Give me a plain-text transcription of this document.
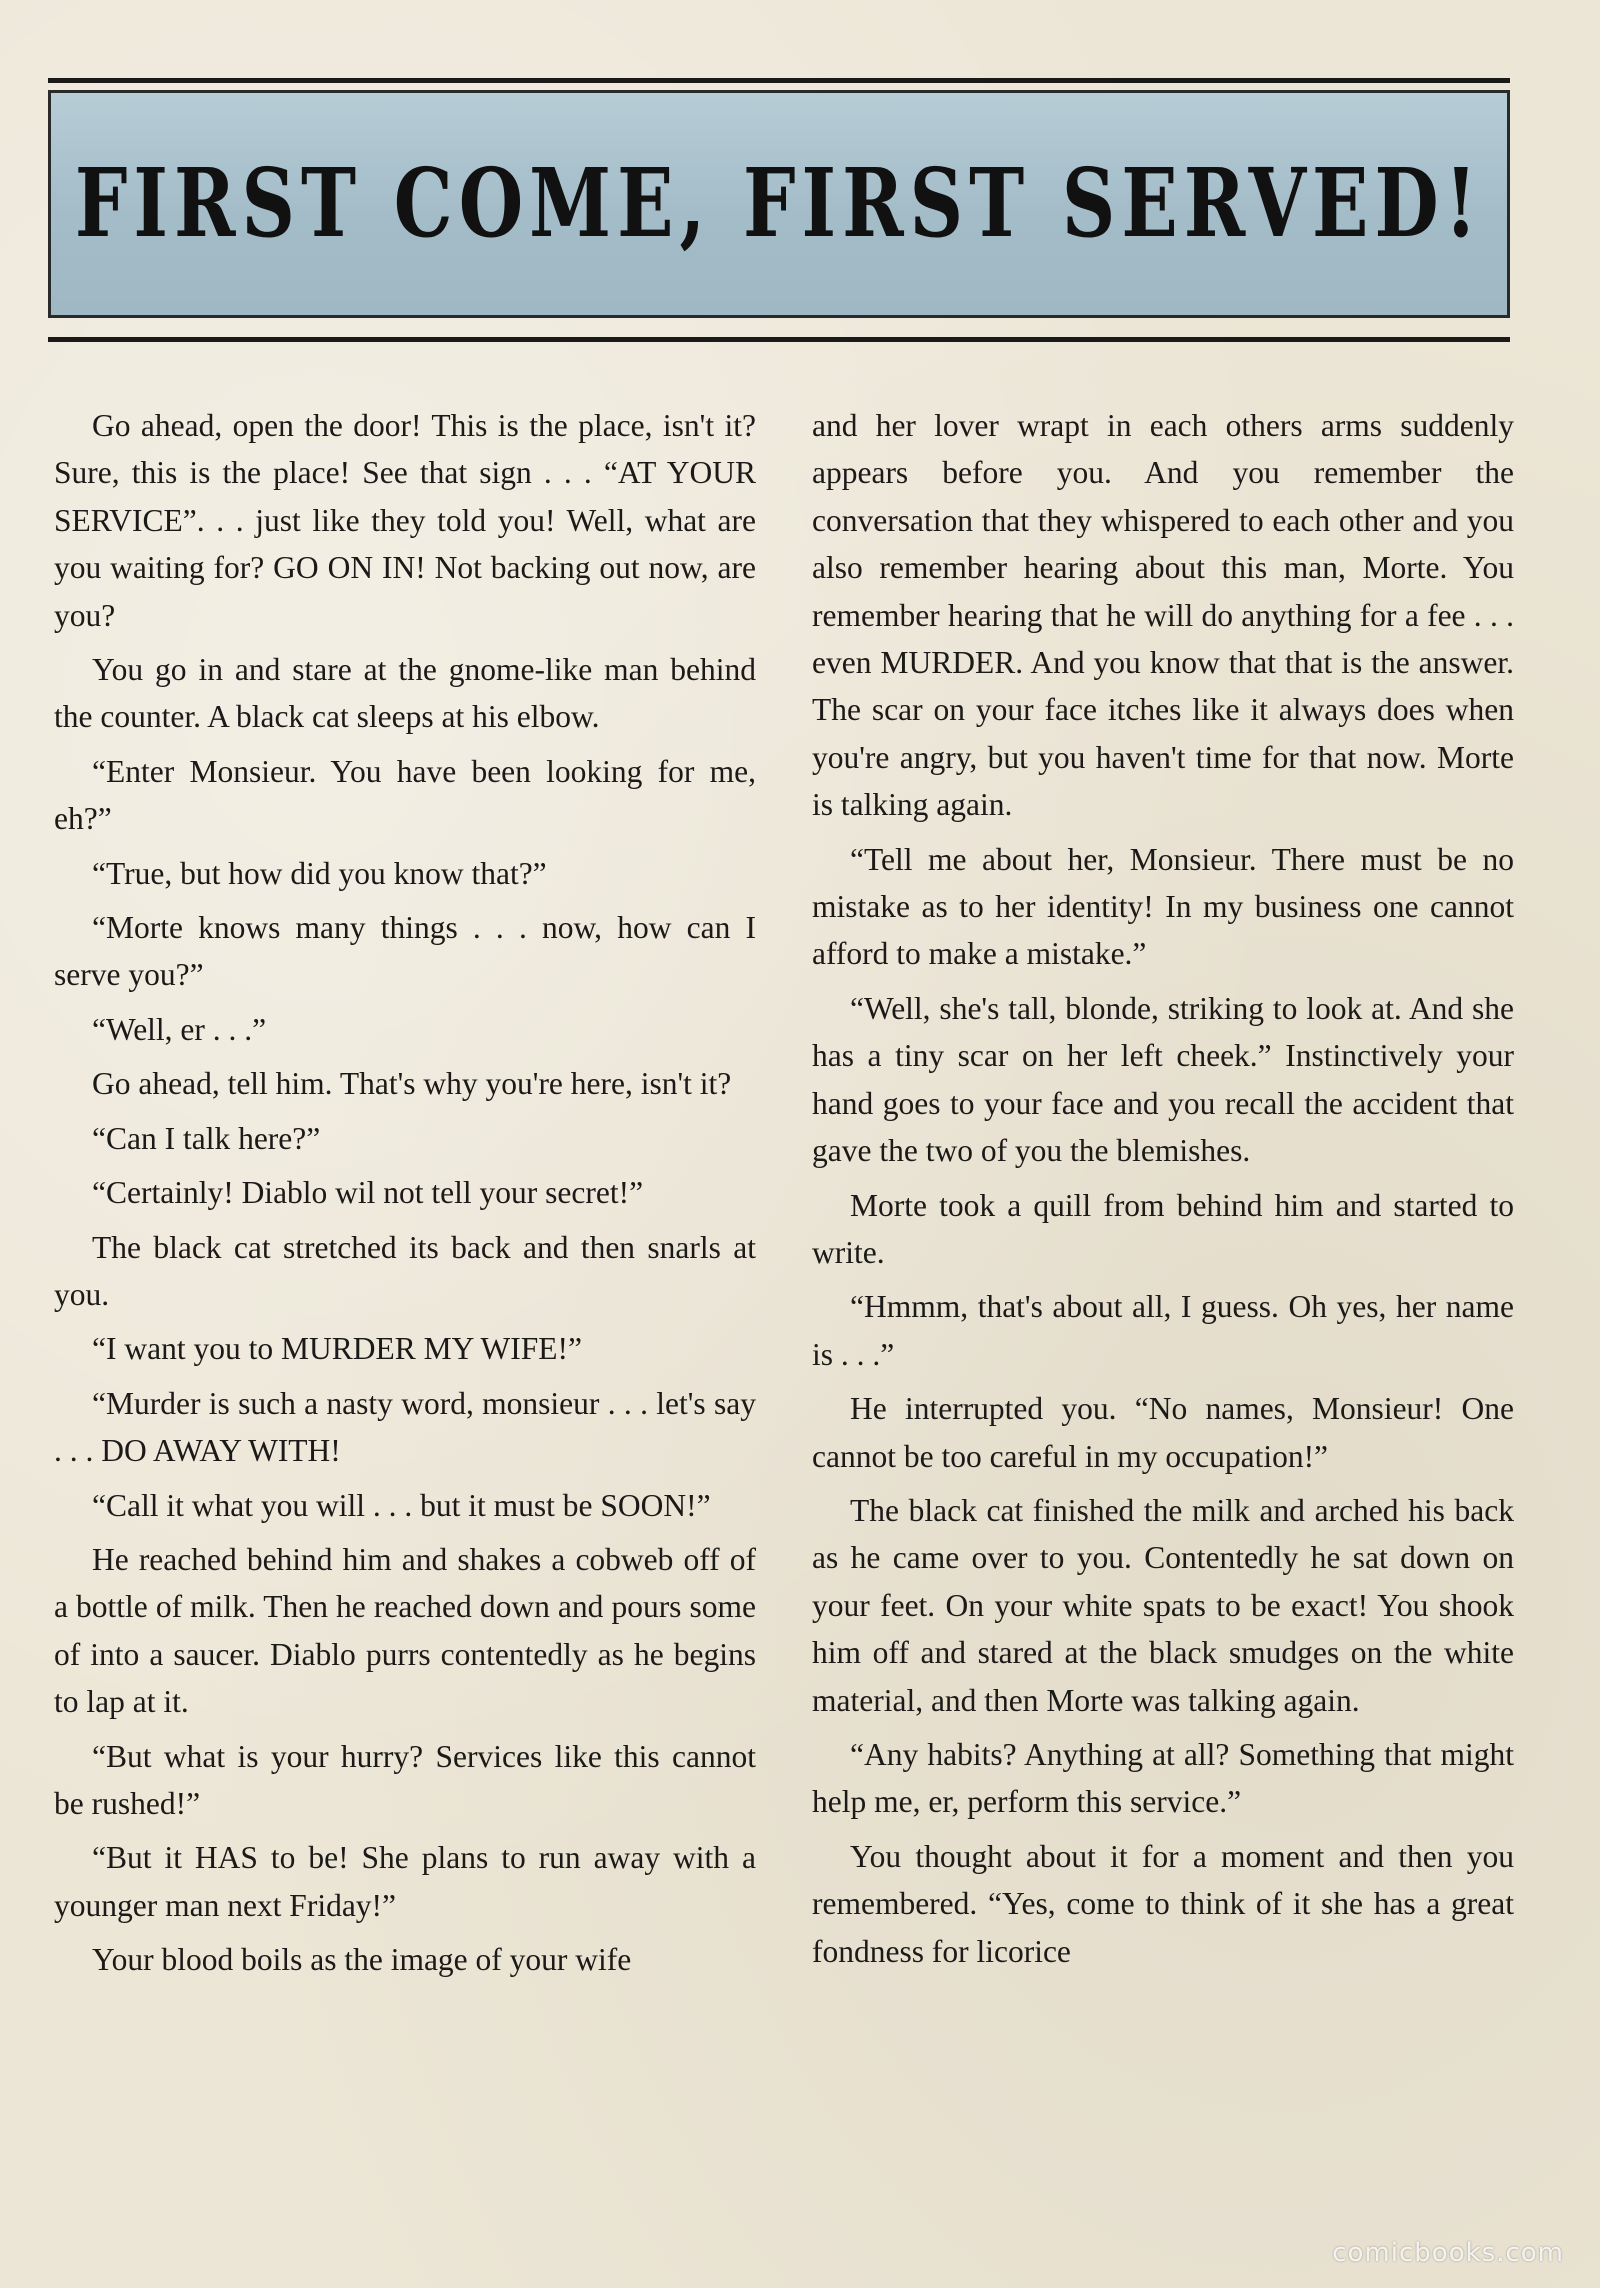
FIRST COME, FIRST SERVED!

Go ahead, open the door! This is the place, isn't it? Sure, this is the place! See that sign . . . “AT YOUR SERVICE”. . . just like they told you! Well, what are you waiting for? GO ON IN! Not backing out now, are you?

You go in and stare at the gnome-like man behind the counter. A black cat sleeps at his elbow.

“Enter Monsieur. You have been looking for me, eh?”

“True, but how did you know that?”

“Morte knows many things . . . now, how can I serve you?”

“Well, er . . .”

Go ahead, tell him. That's why you're here, isn't it?

“Can I talk here?”

“Certainly! Diablo wil not tell your secret!”

The black cat stretched its back and then snarls at you.

“I want you to MURDER MY WIFE!”

“Murder is such a nasty word, monsieur . . . let's say . . . DO AWAY WITH!

“Call it what you will . . . but it must be SOON!”

He reached behind him and shakes a cobweb off of a bottle of milk. Then he reached down and pours some of into a saucer. Diablo purrs contentedly as he begins to lap at it.

“But what is your hurry? Services like this cannot be rushed!”

“But it HAS to be! She plans to run away with a younger man next Friday!”

Your blood boils as the image of your wife

and her lover wrapt in each others arms suddenly appears before you. And you remember the conversation that they whispered to each other and you also remember hearing about this man, Morte. You remember hearing that he will do anything for a fee . . . even MURDER. And you know that that is the answer. The scar on your face itches like it always does when you're angry, but you haven't time for that now. Morte is talking again.

“Tell me about her, Monsieur. There must be no mistake as to her identity! In my business one cannot afford to make a mistake.”

“Well, she's tall, blonde, striking to look at. And she has a tiny scar on her left cheek.” Instinctively your hand goes to your face and you recall the accident that gave the two of you the blemishes.

Morte took a quill from behind him and started to write.

“Hmmm, that's about all, I guess. Oh yes, her name is . . .”

He interrupted you. “No names, Monsieur! One cannot be too careful in my occupation!”

The black cat finished the milk and arched his back as he came over to you. Contentedly he sat down on your feet. On your white spats to be exact! You shook him off and stared at the black smudges on the white material, and then Morte was talking again.

“Any habits? Anything at all? Something that might help me, er, perform this service.”

You thought about it for a moment and then you remembered. “Yes, come to think of it she has a great fondness for licorice

comicbooks.com
